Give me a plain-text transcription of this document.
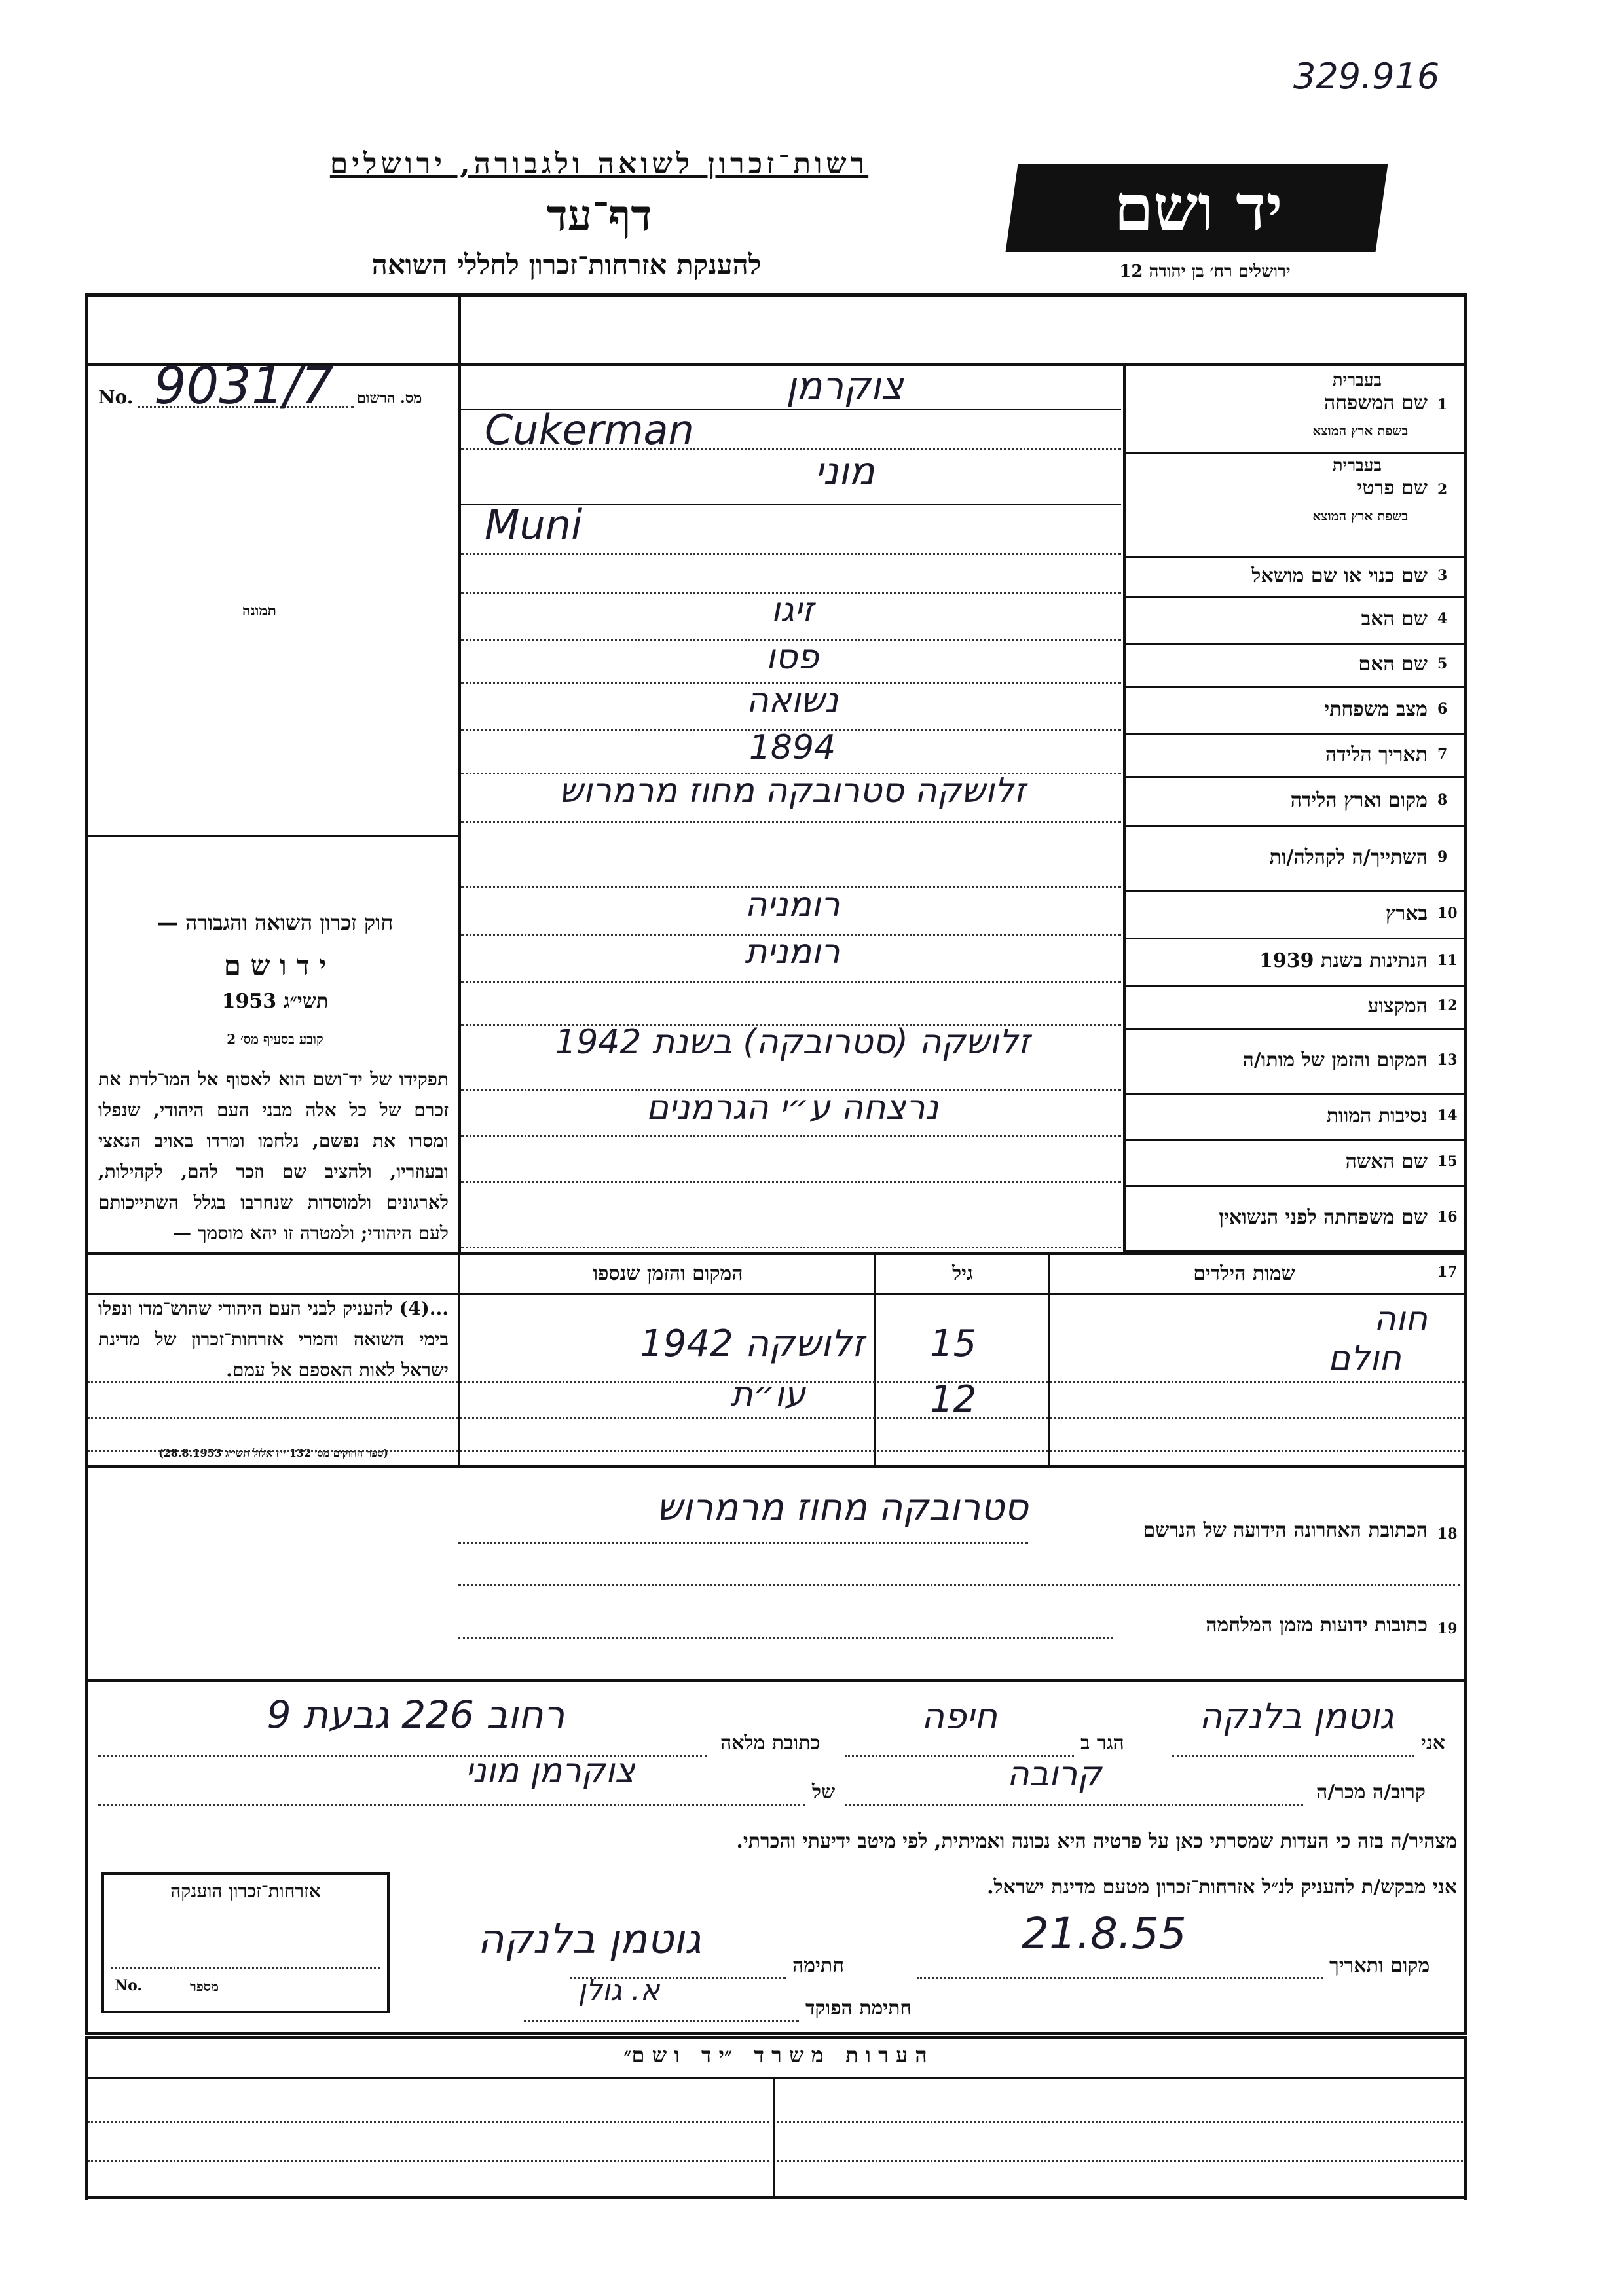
329.916
רשות־זכרון לשואה ולגבורה, ירושלים
דף־עד
להענקת אזרחות־זכרון לחללי השואה
יד ושם
ירושלים רח׳ בן יהודה 12
No. 9031/7 מס. הרשום
תמונה
חוק זכרון השואה והגבורה —
י ד ו ש ם
תשי״ג 1953
קובע בסעיף מס׳ 2
תפקידו של יד־ושם הוא לאסוף אל המו־לדת את זכרם של כל אלה מבני העם היהודי, שנפלו ומסרו את נפשם, נלחמו ומרדו באויב הנאצי ובעוזריו, ולהציב שם וזכר להם, לקהילות, לארגונים ולמוסדות שנחרבו בגלל השתייכותם לעם היהודי; ולמטרה זו יהא מוסמך —
...(4) להעניק לבני העם היהודי שהוש־מדו ונפלו בימי השואה והמרי אזרחות־זכרון של מדינת ישראל לאות האספם אל עמם.
(ספר החוקים מס׳ 132 י״ז אלול תשי״ג 28.8.1953)
1
שם המשפחה
בעברית
בשפת ארץ המוצא
צוקרמן
Cukerman
2
שם פרטי
בעברית
בשפת ארץ המוצא
מוני
Muni
3
שם כנוי או שם מושאל
4
שם האב
זיגו
5
שם האם
פסו
6
מצב משפחתי
נשואה
7
תאריך הלידה
1894
8
מקום וארץ הלידה
זלושקה סטרובקה מחוז מרמרוש
9
השתייך/ה לקהלה/ות
10
בארץ
רומניה
11
הנתינות בשנת 1939
רומנית
12
המקצוע
13
המקום והזמן של מותו/ה
זלושקה (סטרובקה) בשנת 1942
14
נסיבות המוות
נרצחה ע״י הגרמנים
15
שם האשה
16
שם משפחתה לפני הנשואין
17
שמות הילדים
גיל
המקום והזמן שנספו
חוה
15
זלושקה 1942	חולם
12
עו״ת
18
הכתובת האחרונה הידועה של הנרשם
סטרובקה מחוז מרמרוש
19
כתובות ידועות מזמן המלחמה
אני
גוטמן בלנקה
הגר ב
חיפה
כתובת מלאה
רחוב 226 גבעת 9
קרוב/ה מכר/ה
קרובה
של
צוקרמן מוני
מצהיר/ה בזה כי העדות שמסרתי כאן על פרטיה היא נכונה ואמיתית, לפי מיטב ידיעתי והכרתי.
אני מבקש/ת להעניק לנ״ל אזרחות־זכרון מטעם מדינת ישראל.
מקום ותאריך
21.8.55
חתימה
גוטמן בלנקה
חתימת הפוקד
א. גולן
אזרחות־זכרון הוענקה
No.	מספר
ה ע ר ו ת   מ ש ר ד   ״י ד   ו ש ם״
